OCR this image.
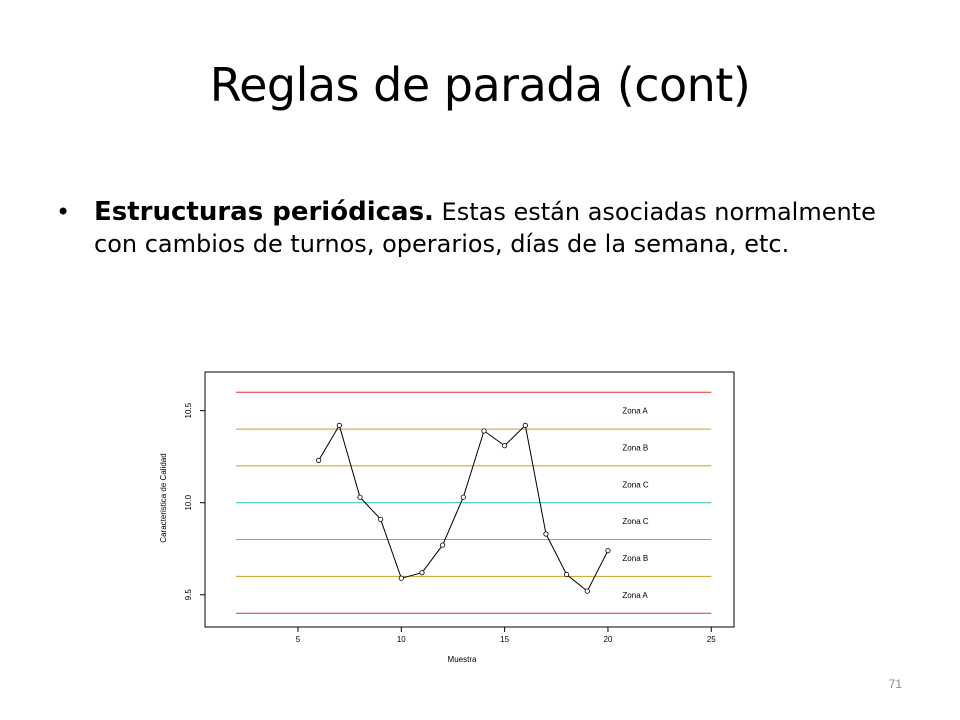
Reglas de parada (cont)
• Estructuras periódicas. Estas están asociadas normalmente con cambios de turnos, operarios, días de la semana, etc.
Zona A
Zona B
Zona C
Zona C
Zona B
Zona A
5	10	15	20	25
9.5
10.0
10.5
Muestra
Caracteristica de Calidad
71
